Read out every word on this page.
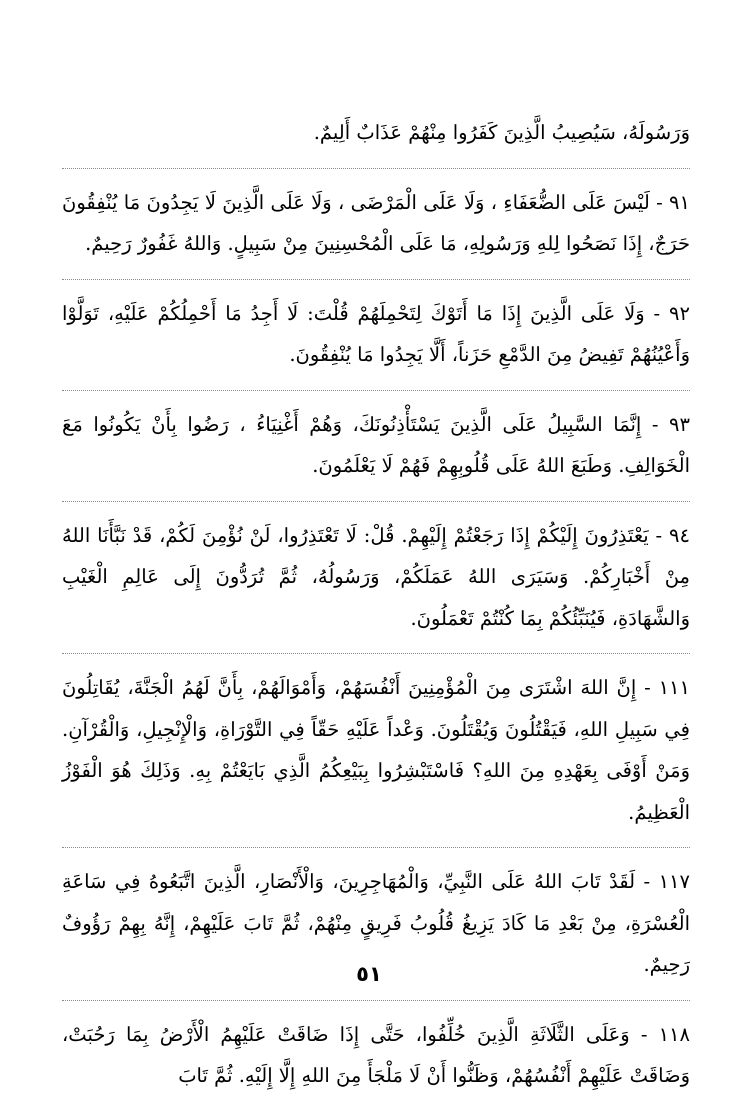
وَرَسُولَهُ، سَيُصِيبُ الَّذِينَ كَفَرُوا مِنْهُمْ عَذَابٌ أَلِيمٌ.

٩١ - لَيْسَ عَلَى الضُّعَفَاءِ ، وَلَا عَلَى الْمَرْضَى ، وَلَا عَلَى الَّذِينَ لَا يَجِدُونَ مَا يُنْفِقُونَ حَرَجٌ، إِذَا نَصَحُوا لِلهِ وَرَسُولِهِ، مَا عَلَى الْمُحْسِنِينَ مِنْ سَبِيلٍ. وَاللهُ غَفُورٌ رَحِيمٌ.

٩٢ - وَلَا عَلَى الَّذِينَ إِذَا مَا أَتَوْكَ لِتَحْمِلَهُمْ قُلْتَ: لَا أَجِدُ مَا أَحْمِلُكُمْ عَلَيْهِ، تَوَلَّوْا وَأَعْيُنُهُمْ تَفِيضُ مِنَ الدَّمْعِ حَزَناً، أَلَّا يَجِدُوا مَا يُنْفِقُونَ.

٩٣ - إِنَّمَا السَّبِيلُ عَلَى الَّذِينَ يَسْتَأْذِنُونَكَ، وَهُمْ أَغْنِيَاءُ ، رَضُوا بِأَنْ يَكُونُوا مَعَ الْخَوَالِفِ. وَطَبَعَ اللهُ عَلَى قُلُوبِهِمْ فَهُمْ لَا يَعْلَمُونَ.

٩٤ - يَعْتَذِرُونَ إِلَيْكُمْ إِذَا رَجَعْتُمْ إِلَيْهِمْ. قُلْ: لَا تَعْتَذِرُوا، لَنْ نُؤْمِنَ لَكُمْ، قَدْ نَبَّأَنَا اللهُ مِنْ أَخْبَارِكُمْ. وَسَيَرَى اللهُ عَمَلَكُمْ، وَرَسُولُهُ، ثُمَّ تُرَدُّونَ إِلَى عَالِمِ الْغَيْبِ وَالشَّهَادَةِ، فَيُنَبِّئُكُمْ بِمَا كُنْتُمْ تَعْمَلُونَ.

١١١ - إِنَّ اللهَ اشْتَرَى مِنَ الْمُؤْمِنِينَ أَنْفُسَهُمْ، وَأَمْوَالَهُمْ، بِأَنَّ لَهُمُ الْجَنَّةَ، يُقَاتِلُونَ فِي سَبِيلِ اللهِ، فَيَقْتُلُونَ وَيُقْتَلُونَ. وَعْداً عَلَيْهِ حَقّاً فِي التَّوْرَاةِ، وَالْإِنْجِيلِ، وَالْقُرْآنِ. وَمَنْ أَوْفَى بِعَهْدِهِ مِنَ اللهِ؟ فَاسْتَبْشِرُوا بِبَيْعِكُمُ الَّذِي بَايَعْتُمْ بِهِ. وَذَلِكَ هُوَ الْفَوْزُ الْعَظِيمُ.

١١٧ - لَقَدْ تَابَ اللهُ عَلَى النَّبِيِّ، وَالْمُهَاجِرِينَ، وَالْأَنْصَارِ، الَّذِينَ اتَّبَعُوهُ فِي سَاعَةِ الْعُسْرَةِ، مِنْ بَعْدِ مَا كَادَ يَزِيغُ قُلُوبُ فَرِيقٍ مِنْهُمْ، ثُمَّ تَابَ عَلَيْهِمْ، إِنَّهُ بِهِمْ رَؤُوفٌ رَحِيمٌ.

١١٨ - وَعَلَى الثَّلَاثَةِ الَّذِينَ خُلِّفُوا، حَتَّى إِذَا ضَاقَتْ عَلَيْهِمُ الْأَرْضُ بِمَا رَحُبَتْ، وَضَاقَتْ عَلَيْهِمْ أَنْفُسُهُمْ، وَظَنُّوا أَنْ لَا مَلْجَأَ مِنَ اللهِ إِلَّا إِلَيْهِ. ثُمَّ تَابَ

٥١
